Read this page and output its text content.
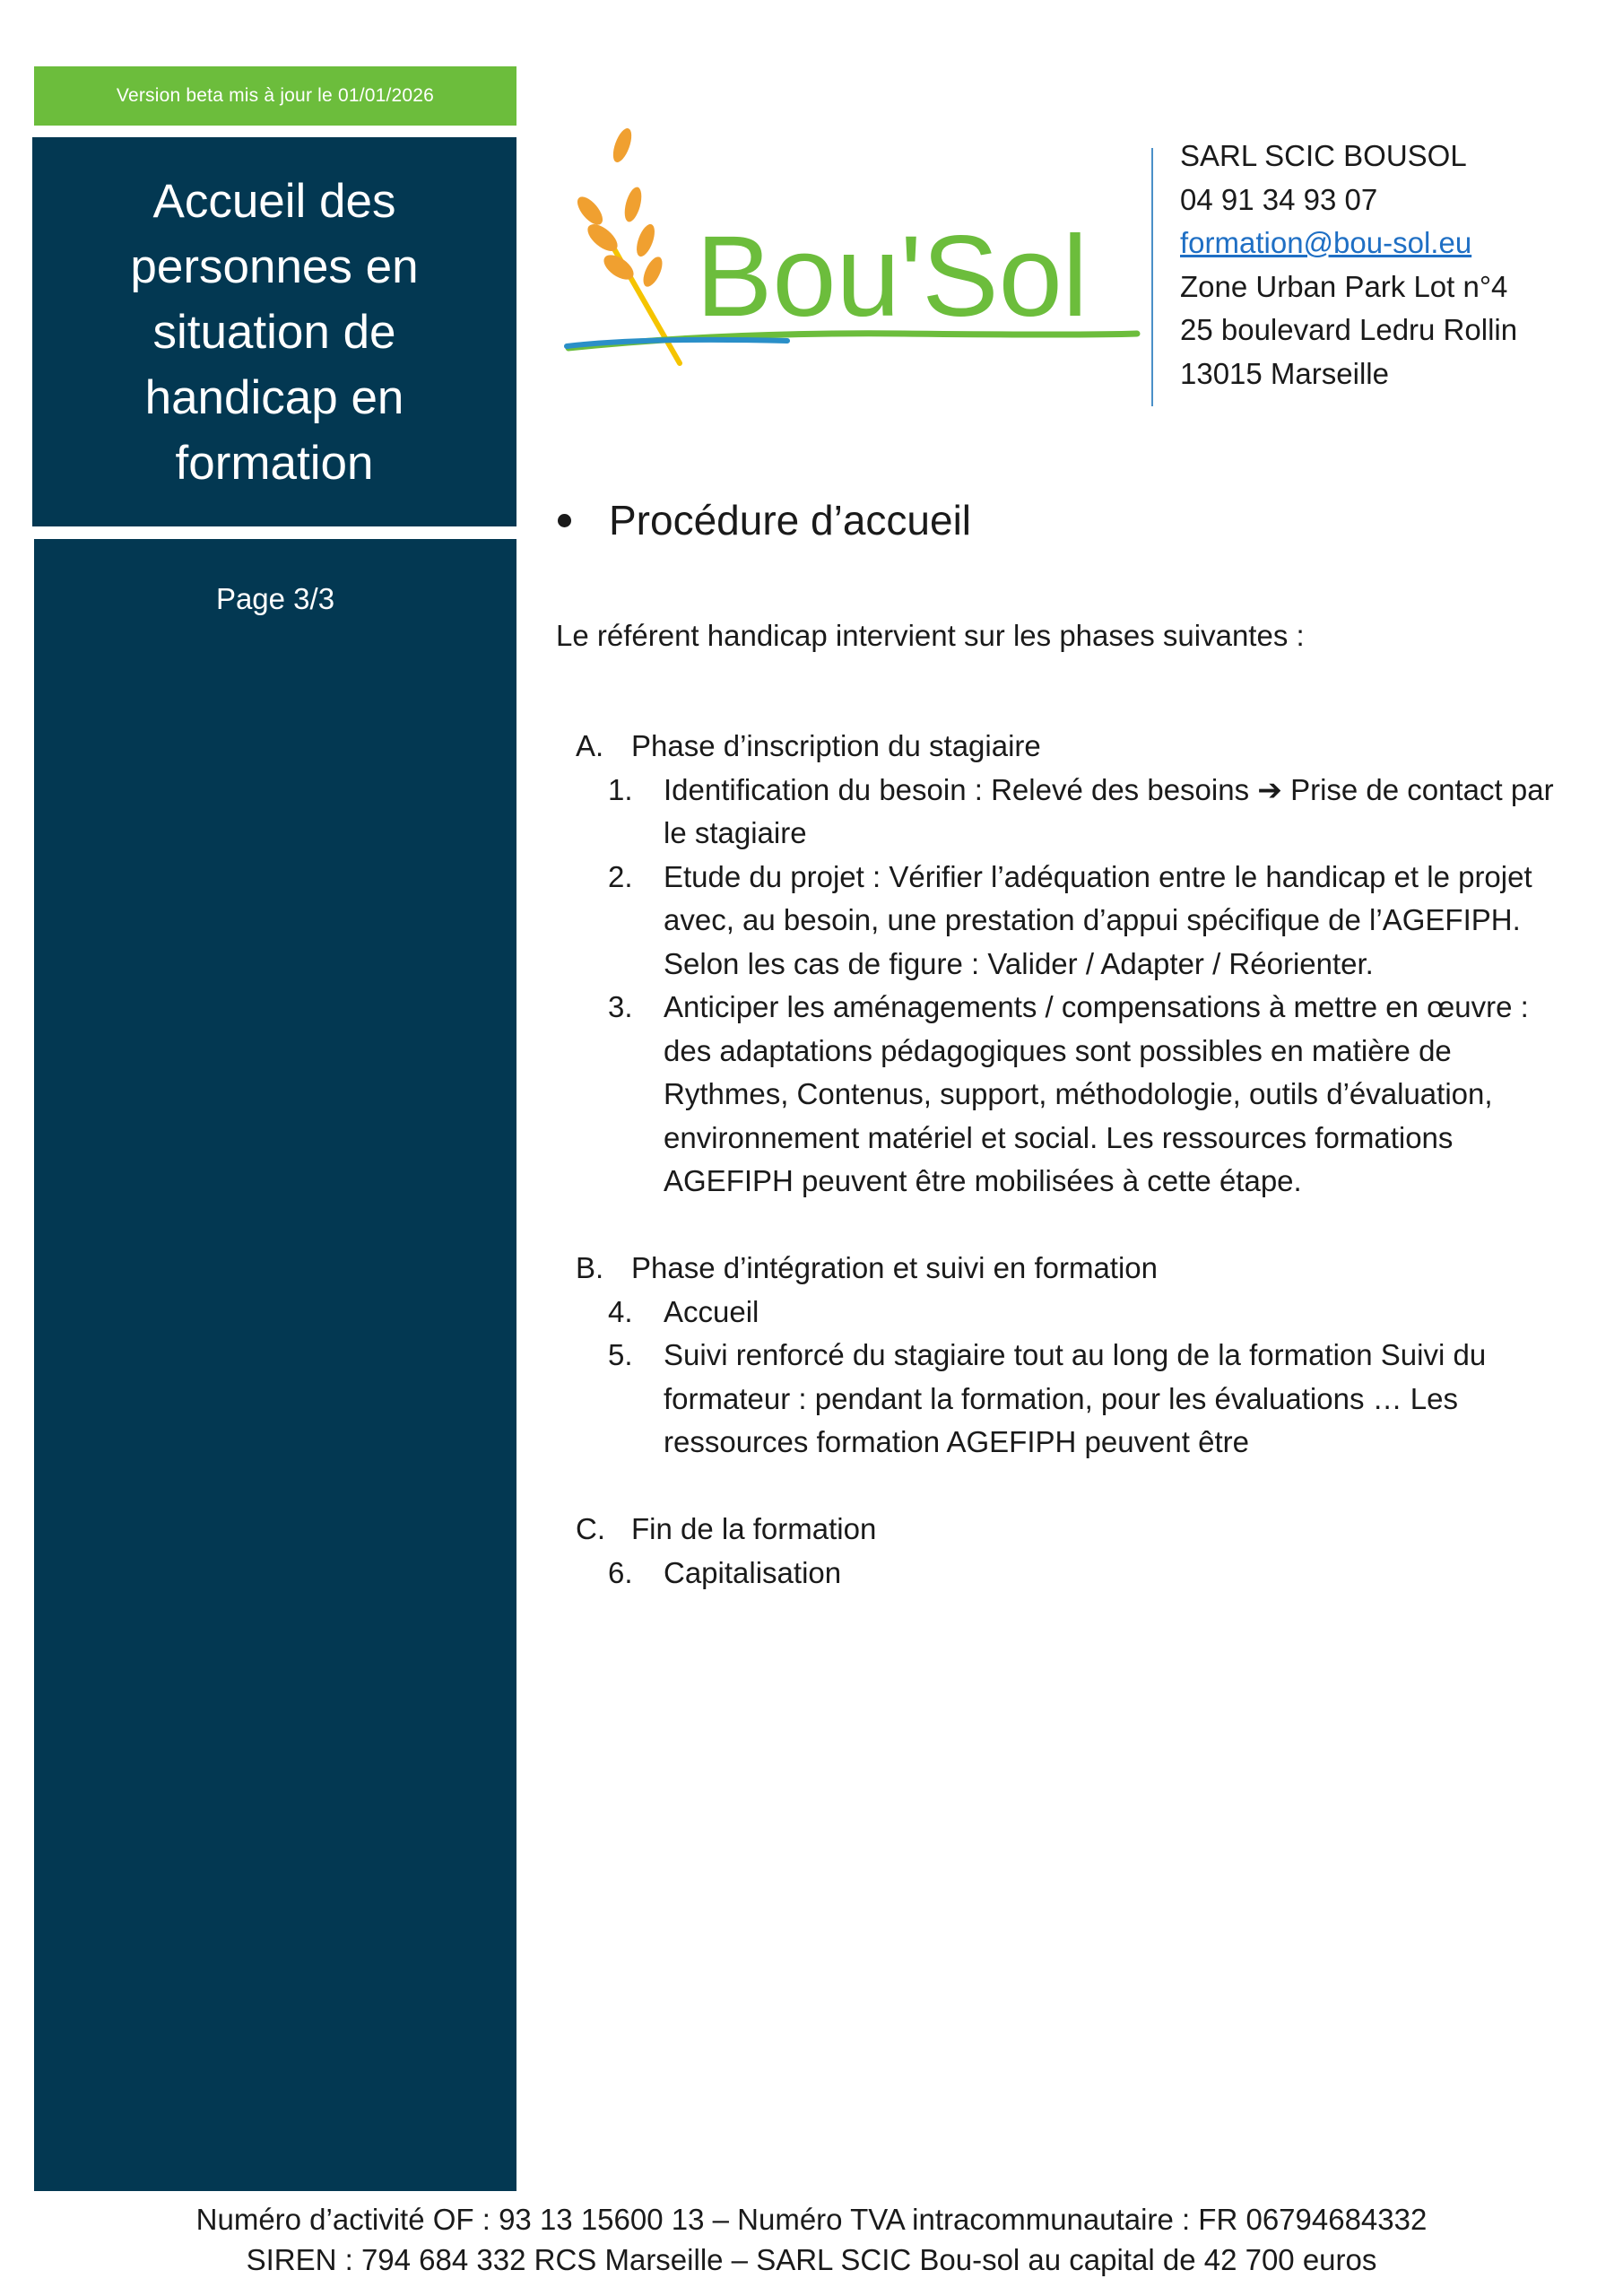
Version beta mis à jour le 01/01/2026
Accueil des personnes en situation de handicap en formation
Page 3/3
Bou'Sol
SARL SCIC BOUSOL
04 91 34 93 07
formation@bou-sol.eu
Zone Urban Park Lot n°4
25 boulevard Ledru Rollin
13015 Marseille
Procédure d’accueil
Le référent handicap intervient sur les phases suivantes :
A. Phase d’inscription du stagiaire
1.	Identification du besoin : Relevé des besoins ➔ Prise de contact par le stagiaire
2.	Etude du projet : Vérifier l’adéquation entre le handicap et le projet avec, au besoin, une prestation d’appui spécifique de l’AGEFIPH. Selon les cas de figure : Valider / Adapter / Réorienter.
3.	Anticiper les aménagements / compensations à mettre en œuvre : des adaptations pédagogiques sont possibles en matière de Rythmes, Contenus, support, méthodologie, outils d’évaluation, environnement matériel et social. Les ressources formations AGEFIPH peuvent être mobilisées à cette étape.
B. Phase d’intégration et suivi en formation
4.	Accueil
5.	Suivi renforcé du stagiaire tout au long de la formation Suivi du formateur : pendant la formation, pour les évaluations … Les ressources formation AGEFIPH peuvent être
C. Fin de la formation
6.	Capitalisation
Numéro d’activité OF : 93 13 15600 13 – Numéro TVA intracommunautaire : FR 06794684332
SIREN : 794 684 332 RCS Marseille – SARL SCIC Bou-sol au capital de 42 700 euros
